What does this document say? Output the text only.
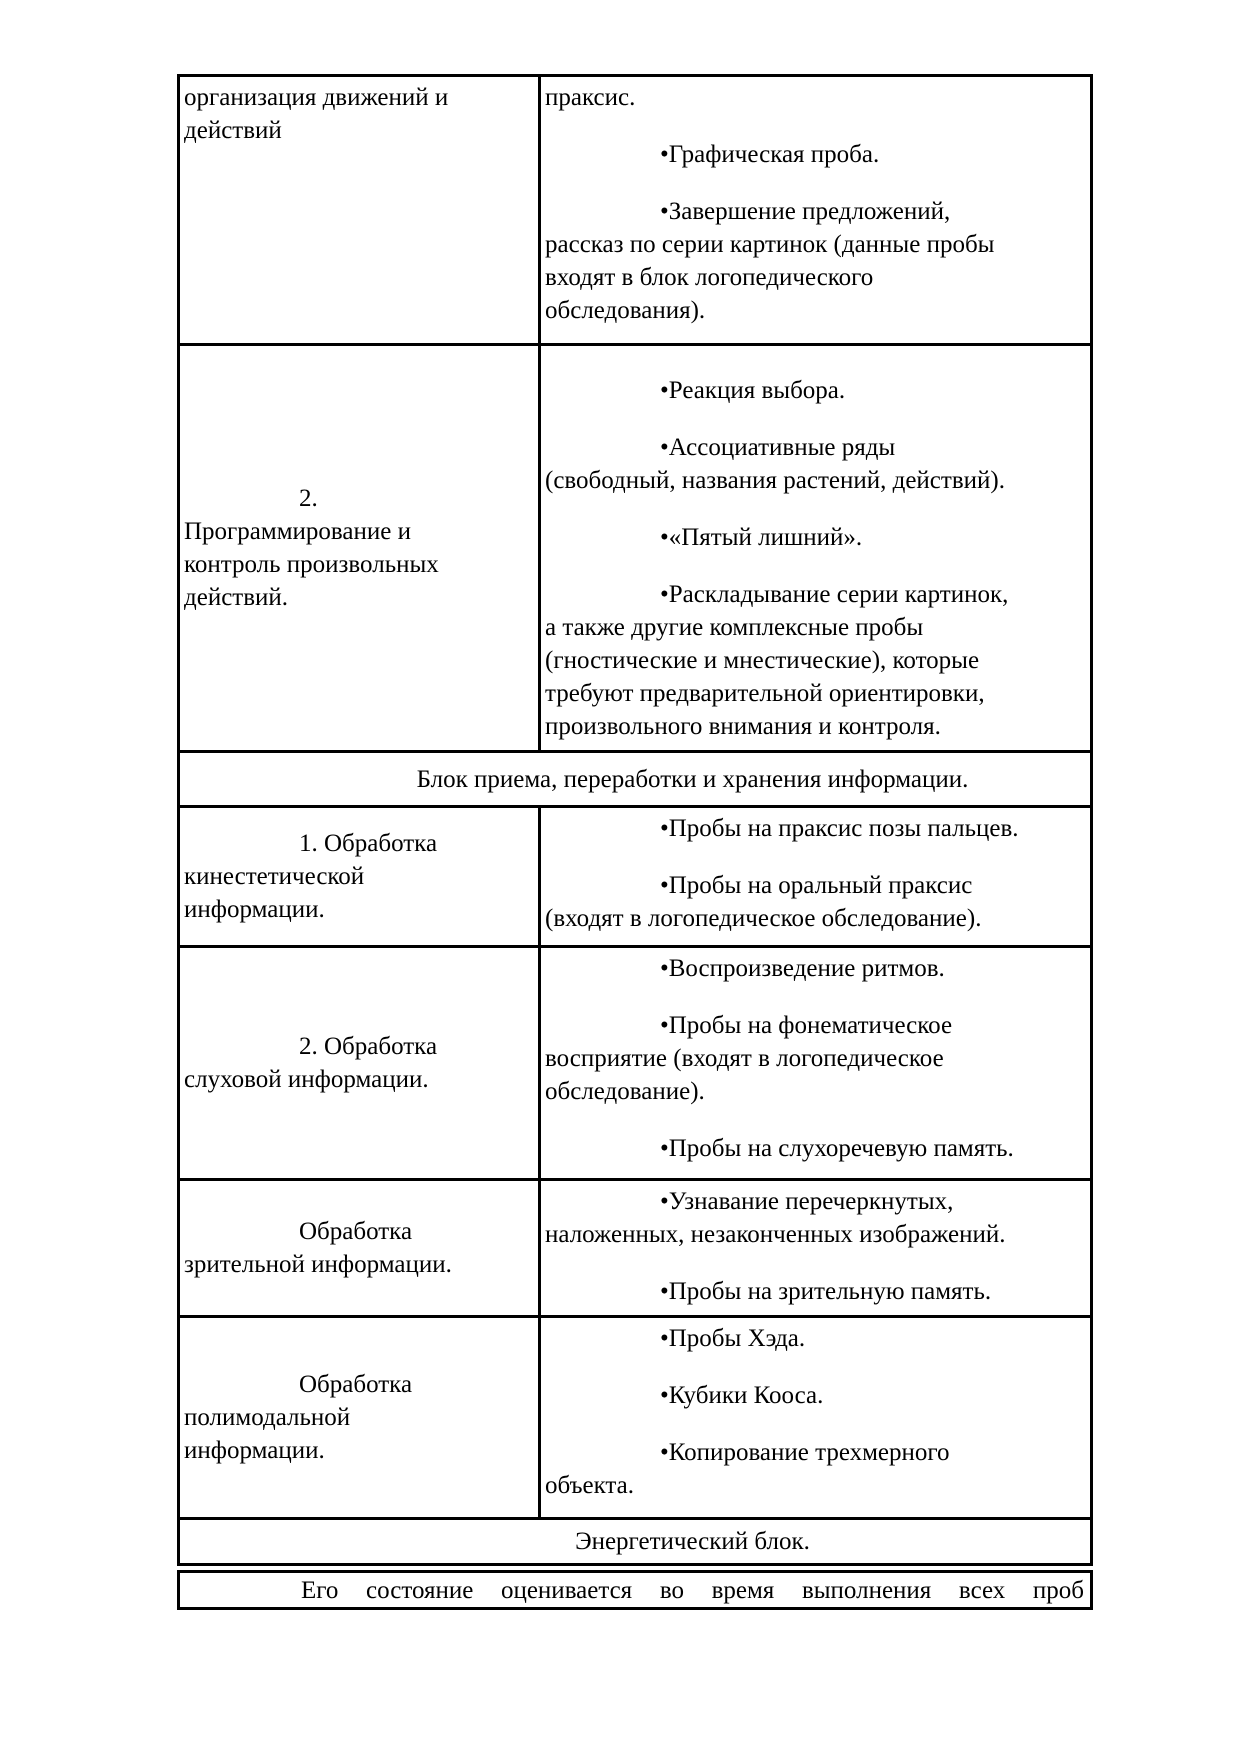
организация движений и
действий
праксис.
•Графическая проба.
•Завершение предложений,
рассказ по серии картинок (данные пробы
входят в блок логопедического
обследования).
2.
Программирование и
контроль произвольных
действий.
•Реакция выбора.
•Ассоциативные ряды
(свободный, названия растений, действий).
•«Пятый лишний».
•Раскладывание серии картинок,
а также другие комплексные пробы
(гностические и мнестические), которые
требуют предварительной ориентировки,
произвольного внимания и контроля.
Блок приема, переработки и хранения информации.
1. Обработка
кинестетической
информации.
•Пробы на праксис позы пальцев.
•Пробы на оральный праксис
(входят в логопедическое обследование).
2. Обработка
слуховой информации.
•Воспроизведение ритмов.
•Пробы на фонематическое
восприятие (входят в логопедическое
обследование).
•Пробы на слухоречевую память.
Обработка
зрительной информации.
•Узнавание перечеркнутых,
наложенных, незаконченных изображений.
•Пробы на зрительную память.
Обработка
полимодальной
информации.
•Пробы Хэда.
•Кубики Кооса.
•Копирование трехмерного
объекта.
Энергетический блок.
Его состояние оценивается во время выполнения всех проб
